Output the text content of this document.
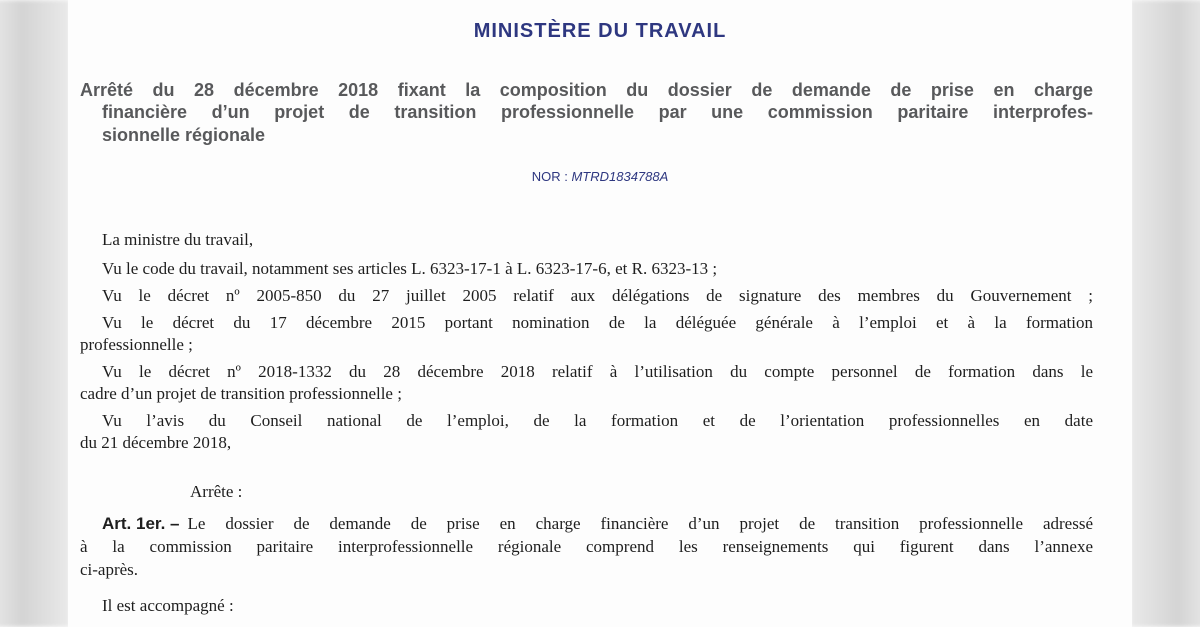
MINISTÈRE DU TRAVAIL
Arrêté du 28 décembre 2018 fixant la composition du dossier de demande de prise en charge
financière d’un projet de transition professionnelle par une commission paritaire interprofes-
sionnelle régionale
NOR : MTRD1834788A
La ministre du travail,
Vu le code du travail, notamment ses articles L. 6323-17-1 à L. 6323-17-6, et R. 6323-13 ;
Vu le décret nº 2005-850 du 27 juillet 2005 relatif aux délégations de signature des membres du Gouvernement ;
Vu le décret du 17 décembre 2015 portant nomination de la déléguée générale à l’emploi et à la formation
professionnelle ;
Vu le décret nº 2018-1332 du 28 décembre 2018 relatif à l’utilisation du compte personnel de formation dans le
cadre d’un projet de transition professionnelle ;
Vu l’avis du Conseil national de l’emploi, de la formation et de l’orientation professionnelles en date
du 21 décembre 2018,
Arrête :
Art. 1er. – Le dossier de demande de prise en charge financière d’un projet de transition professionnelle adressé
à la commission paritaire interprofessionnelle régionale comprend les renseignements qui figurent dans l’annexe
ci-après.
Il est accompagné :
